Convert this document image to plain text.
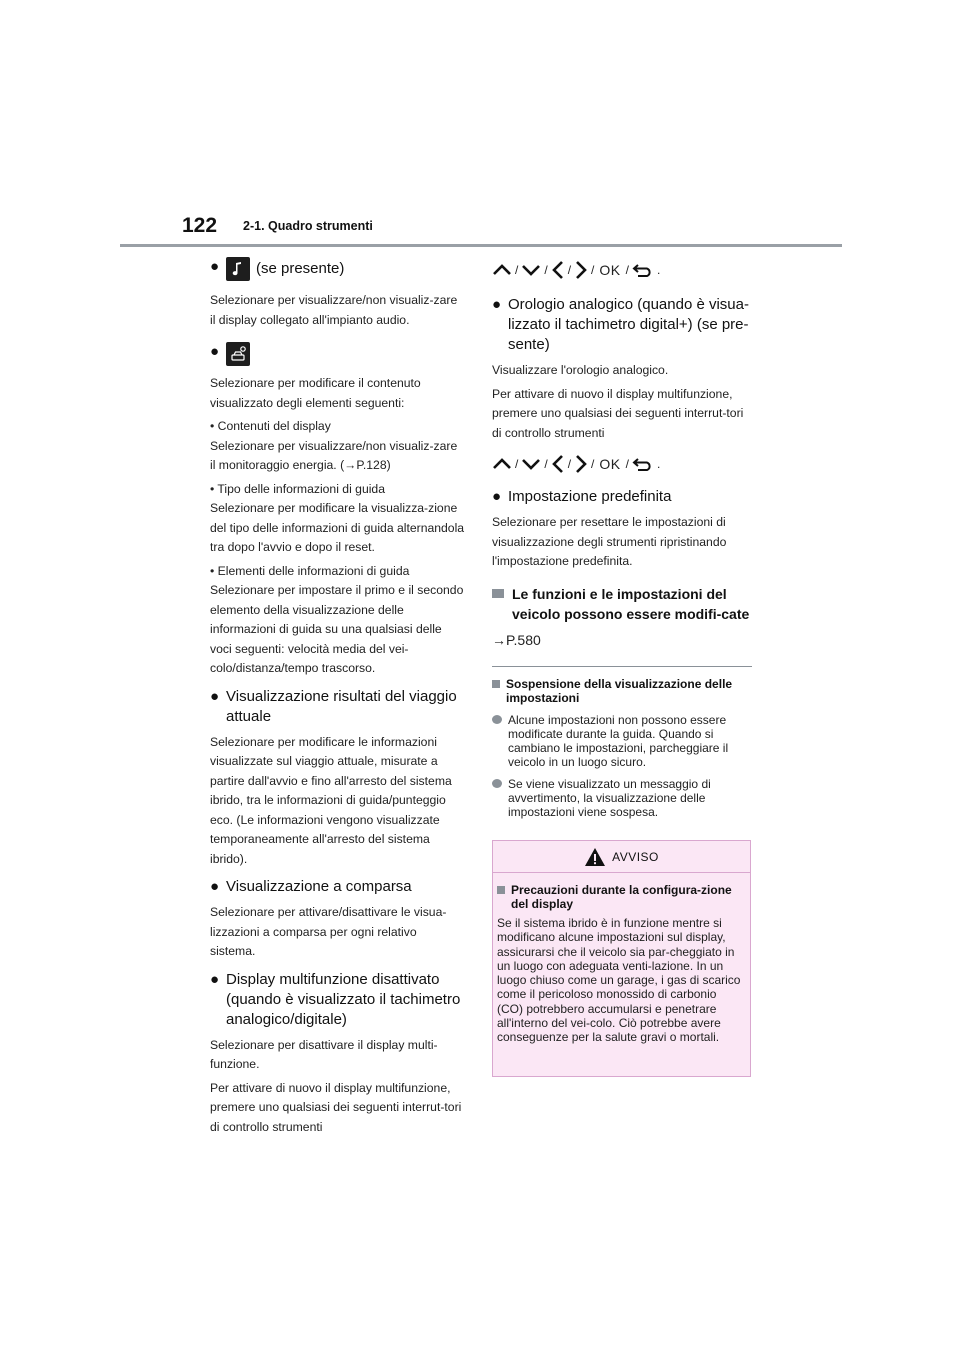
122 2-1. Quadro strumenti
●	(se presente)
Selezionare per visualizzare/non visualiz-zare il display collegato all'impianto audio.
●
Selezionare per modificare il contenuto visualizzato degli elementi seguenti:
• Contenuti del display
Selezionare per visualizzare/non visualiz-zare il monitoraggio energia. (→P.128)
• Tipo delle informazioni di guida
Selezionare per modificare la visualizza-zione del tipo delle informazioni di guida alternandola tra dopo l'avvio e dopo il reset.
• Elementi delle informazioni di guida
Selezionare per impostare il primo e il secondo elemento della visualizzazione delle informazioni di guida su una qualsiasi delle voci seguenti: velocità media del vei-colo/distanza/tempo trascorso.
● Visualizzazione risultati del viaggio attuale
Selezionare per modificare le informazioni visualizzate sul viaggio attuale, misurate a partire dall'avvio e fino all'arresto del sistema ibrido, tra le informazioni di guida/punteggio eco. (Le informazioni vengono visualizzate temporaneamente all'arresto del sistema ibrido).
● Visualizzazione a comparsa
Selezionare per attivare/disattivare le visua-lizzazioni a comparsa per ogni relativo sistema.
● Display multifunzione disattivato (quando è visualizzato il tachimetro analogico/digitale)
Selezionare per disattivare il display multi-funzione.
Per attivare di nuovo il display multifunzione, premere uno qualsiasi dei seguenti interrut-tori di controllo strumenti
/ / / / OK / .
● Orologio analogico (quando è visua-lizzato il tachimetro digital+) (se pre-sente)
Visualizzare l'orologio analogico.
Per attivare di nuovo il display multifunzione, premere uno qualsiasi dei seguenti interrut-tori di controllo strumenti
/ / / / OK / .
● Impostazione predefinita
Selezionare per resettare le impostazioni di visualizzazione degli strumenti ripristinando l'impostazione predefinita.
Le funzioni e le impostazioni del veicolo possono essere modifi-cate
→P.580
Sospensione della visualizzazione delle impostazioni
Alcune impostazioni non possono essere modificate durante la guida. Quando si cambiano le impostazioni, parcheggiare il veicolo in un luogo sicuro.
Se viene visualizzato un messaggio di avvertimento, la visualizzazione delle impostazioni viene sospesa.
AVVISO
Precauzioni durante la configura-zione del display
Se il sistema ibrido è in funzione mentre si modificano alcune impostazioni sul display, assicurarsi che il veicolo sia par-cheggiato in un luogo con adeguata venti-lazione. In un luogo chiuso come un garage, i gas di scarico come il pericoloso monossido di carbonio (CO) potrebbero accumularsi e penetrare all'interno del vei-colo. Ciò potrebbe avere conseguenze per la salute gravi o mortali.
